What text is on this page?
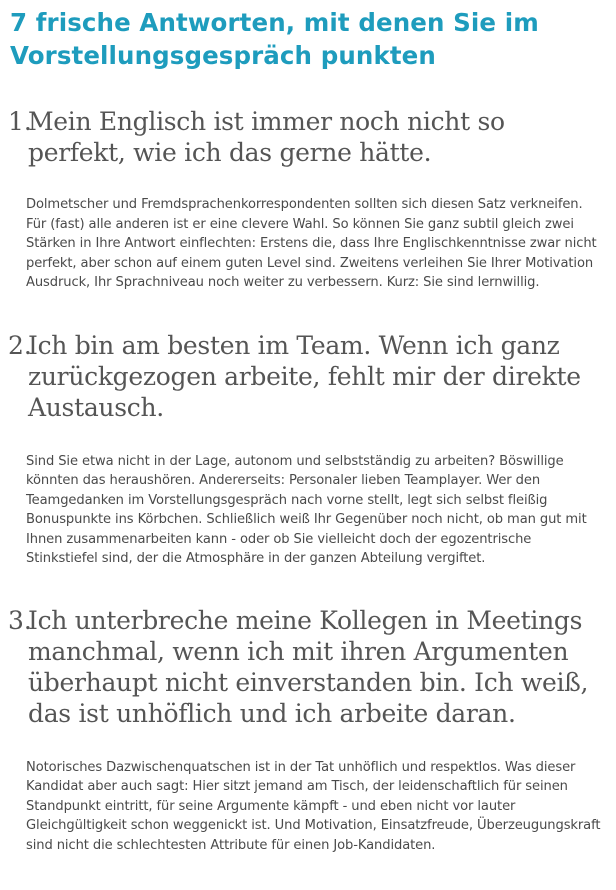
7 frische Antworten, mit denen Sie im Vorstellungsgespräch punkten
1.
Mein Englisch ist immer noch nicht so perfekt, wie ich das gerne hätte.

Dolmetscher und Fremdsprachenkorrespondenten sollten sich diesen Satz verkneifen. Für (fast) alle anderen ist er eine clevere Wahl. So können Sie ganz subtil gleich zwei Stärken in Ihre Antwort einflechten: Erstens die, dass Ihre Englischkenntnisse zwar nicht perfekt, aber schon auf einem guten Level sind. Zweitens verleihen Sie Ihrer Motivation Ausdruck, Ihr Sprachniveau noch weiter zu verbessern. Kurz: Sie sind lernwillig.

2.
Ich bin am besten im Team. Wenn ich ganz zurückgezogen arbeite, fehlt mir der direkte Austausch.

Sind Sie etwa nicht in der Lage, autonom und selbstständig zu arbeiten? Böswillige könnten das heraushören. Andererseits: Personaler lieben Teamplayer. Wer den Teamgedanken im Vorstellungsgespräch nach vorne stellt, legt sich selbst fleißig Bonuspunkte ins Körbchen. Schließlich weiß Ihr Gegenüber noch nicht, ob man gut mit Ihnen zusammenarbeiten kann - oder ob Sie vielleicht doch der egozentrische Stinkstiefel sind, der die Atmosphäre in der ganzen Abteilung vergiftet.

3.
Ich unterbreche meine Kollegen in Meetings manchmal, wenn ich mit ihren Argumenten überhaupt nicht einverstanden bin. Ich weiß, das ist unhöflich und ich arbeite daran.

Notorisches Dazwischenquatschen ist in der Tat unhöflich und respektlos. Was dieser Kandidat aber auch sagt: Hier sitzt jemand am Tisch, der leidenschaftlich für seinen Standpunkt eintritt, für seine Argumente kämpft - und eben nicht vor lauter Gleichgültigkeit schon weggenickt ist. Und Motivation, Einsatzfreude, Überzeugungskraft sind nicht die schlechtesten Attribute für einen Job-Kandidaten.
